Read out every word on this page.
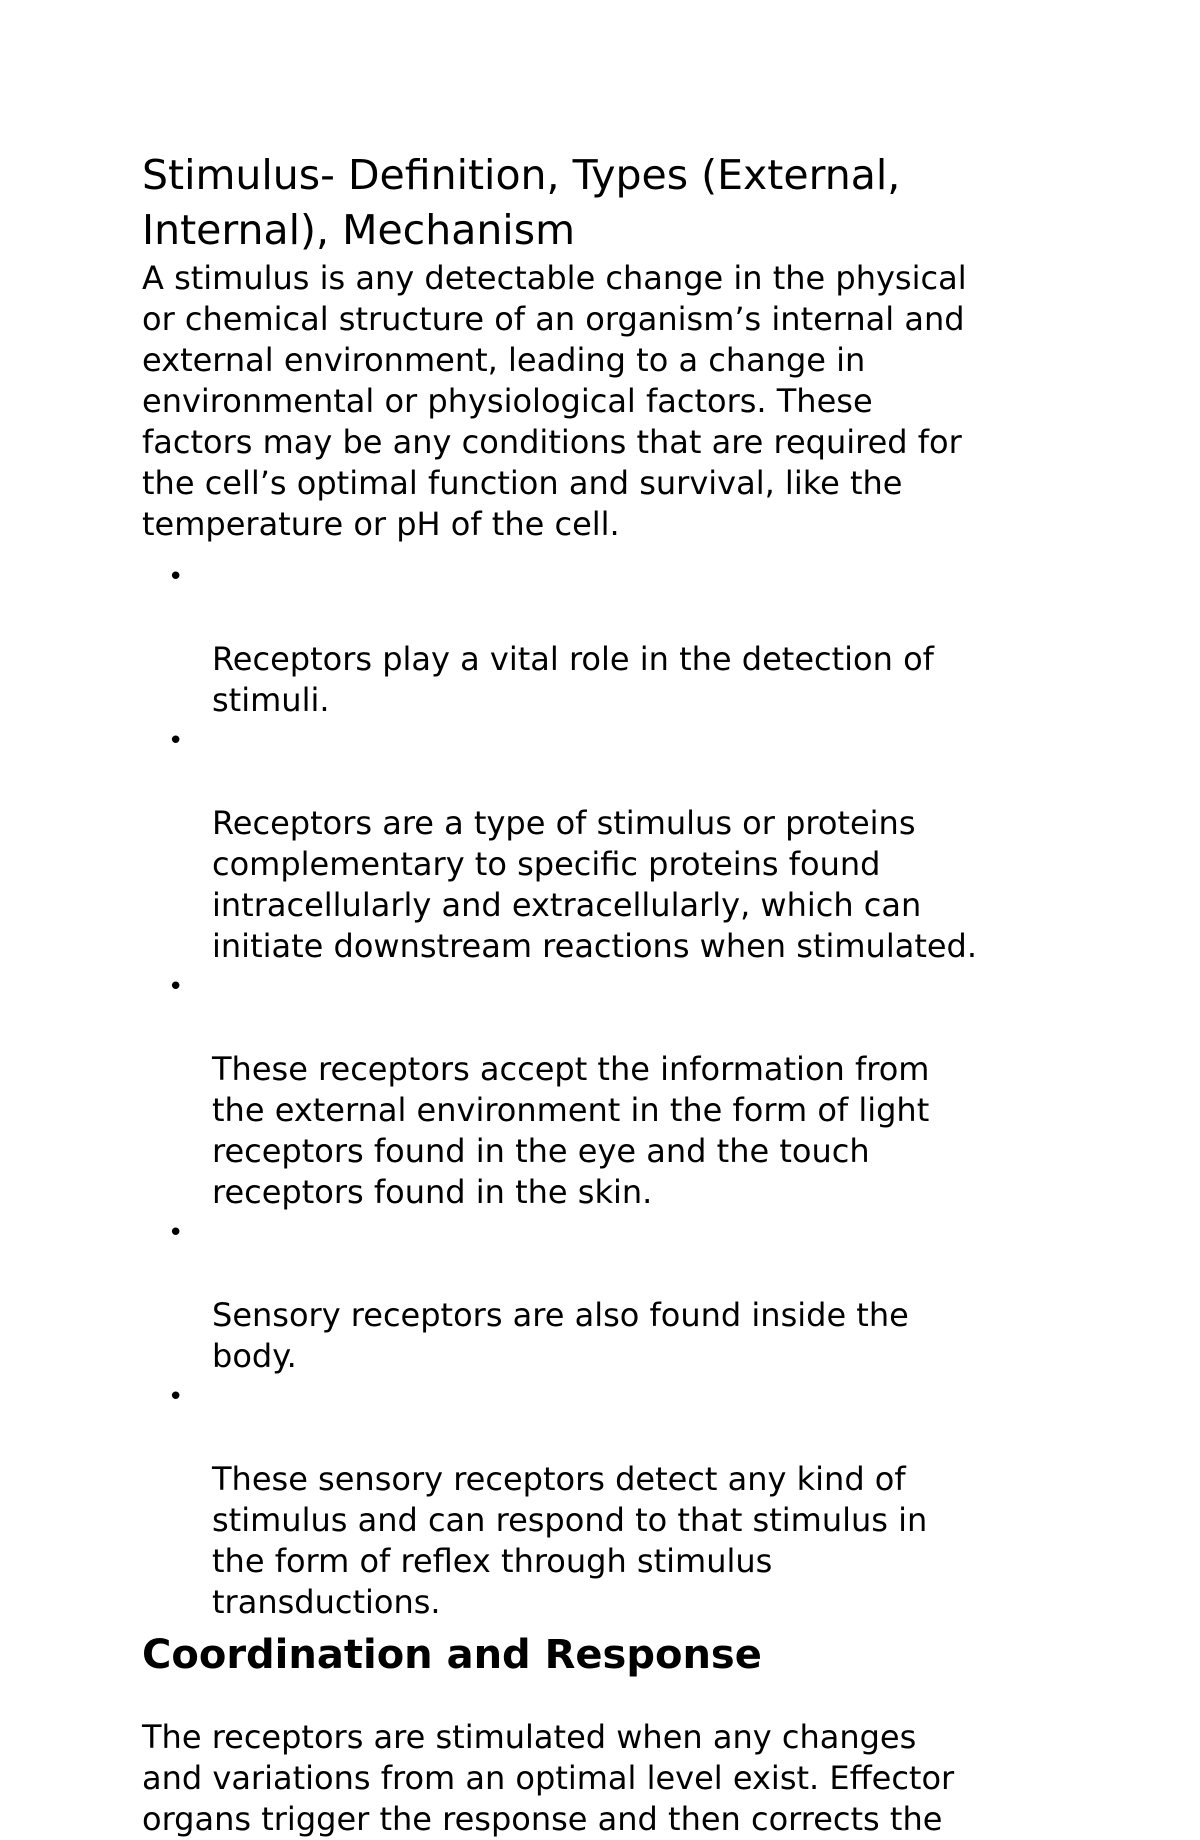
Stimulus- Definition, Types (External,
Internal), Mechanism

A stimulus is any detectable change in the physical
or chemical structure of an organism’s internal and
external environment, leading to a change in
environmental or physiological factors. These
factors may be any conditions that are required for
the cell’s optimal function and survival, like the
temperature or pH of the cell.

•

Receptors play a vital role in the detection of
stimuli.

•

Receptors are a type of stimulus or proteins
complementary to specific proteins found
intracellularly and extracellularly, which can
initiate downstream reactions when stimulated.

•

These receptors accept the information from
the external environment in the form of light
receptors found in the eye and the touch
receptors found in the skin.

•

Sensory receptors are also found inside the
body.

•

These sensory receptors detect any kind of
stimulus and can respond to that stimulus in
the form of reflex through stimulus
transductions.

Coordination and Response

The receptors are stimulated when any changes
and variations from an optimal level exist. Effector
organs trigger the response and then corrects the
